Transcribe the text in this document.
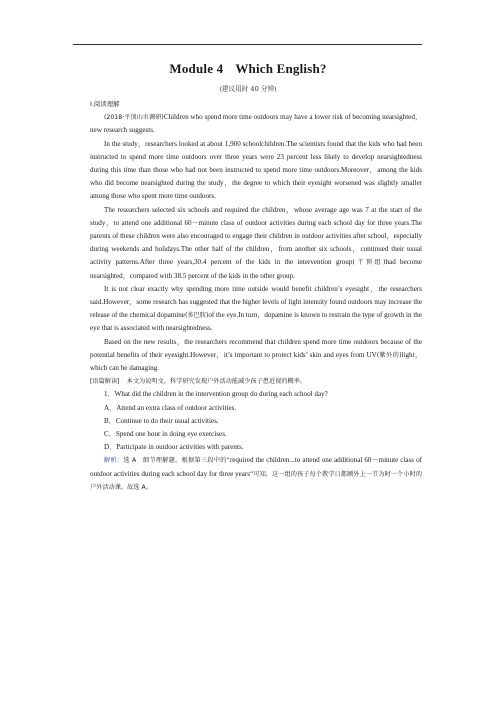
Module 4 Which English?
(建议用时 40 分钟)

Ⅰ.阅读理解

(2018·平顶山市调研)Children who spend more time outdoors may have a lower risk of becoming nearsighted，new research suggests.

In the study，researchers looked at about 1,900 schoolchildren.The scientists found that the kids who had been instructed to spend more time outdoors over three years were 23 percent less likely to develop nearsightedness during this time than those who had not been instructed to spend more time outdoors.Moreover，among the kids who did become nearsighted during the study，the degree to which their eyesight worsened was slightly smaller among those who spent more time outdoors.

The researchers selected six schools and required the children，whose average age was 7 at the start of the study，to attend one additional 60－minute class of outdoor activities during each school day for three years.The parents of these children were also encouraged to engage their children in outdoor activities after school，especially during weekends and holidays.The other half of the children，from another six schools，continued their usual activity patterns.After three years,30.4 percent of the kids in the intervention group(干预组)had become nearsighted，compared with 38.5 percent of the kids in the other group.

It is not clear exactly why spending more time outside would benefit children’s eyesight，the researchers said.However，some research has suggested that the higher levels of light intensity found outdoors may increase the release of the chemical dopamine(多巴胺)of the eye.In turn，dopamine is known to restrain the type of growth in the eye that is associated with nearsightedness.

Based on the new results，the researchers recommend that children spend more time outdoors because of the potential benefits of their eyesight.However，it’s important to protect kids’ skin and eyes from UV(紫外的)light，which can be damaging.

[语篇解读]　 本文为说明文。科学研究发现户外活动能减少孩子患近视的概率。

1．What did the children in the intervention group do during each school day?

A．Attend an extra class of outdoor activities.

B．Continue to do their usual activities.

C．Spend one hour in doing eye exercises.

D．Participate in outdoor activities with parents.

解析：选 A　细节理解题。根据第三段中的“required the children...to attend one additional 60－minute class of outdoor activities during each school day for three years”可知，这一组的孩子每个教学日都额外上一节为时一个小时的户外活动课。故选 A。
